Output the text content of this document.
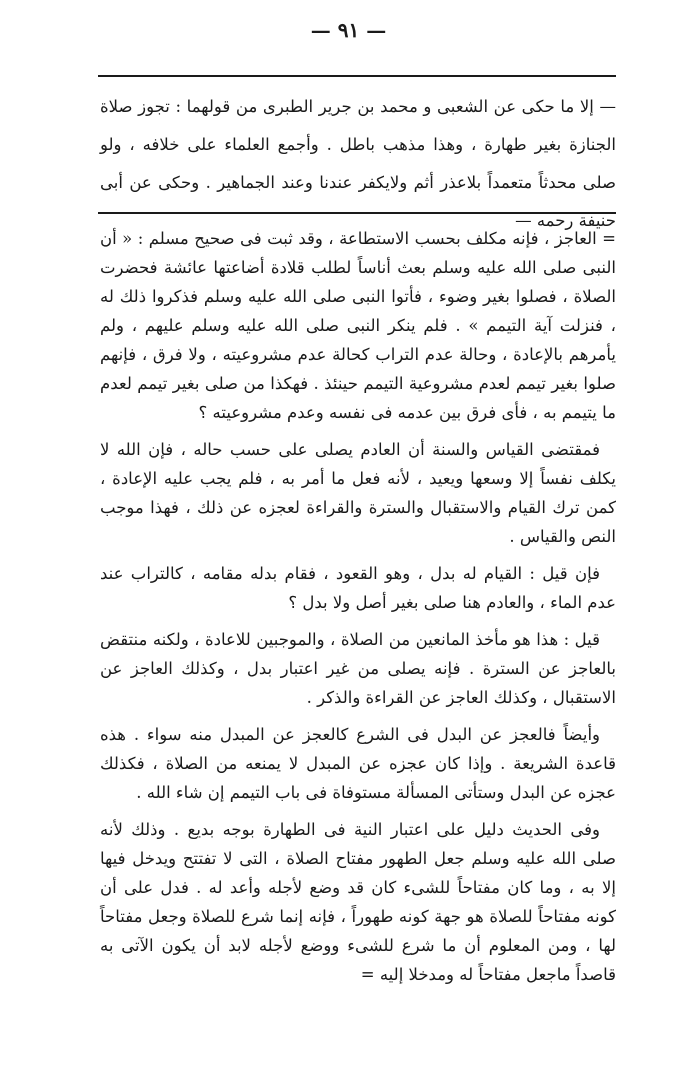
— ٩١ —

— إلا ما حكى عن الشعبى و محمد بن جرير الطبرى من قولهما : تجوز صلاة الجنازة بغير طهارة ، وهذا مذهب باطل . وأجمع العلماء على خلافه ، ولو صلى محدثاً متعمداً بلاعذر أثم ولايكفر عندنا وعند الجماهير . وحكى عن أبى حنيفة رحمه —

= العاجز ، فإنه مكلف بحسب الاستطاعة ، وقد ثبت فى صحيح مسلم : « أن النبى صلى الله عليه وسلم بعث أناساً لطلب قلادة أضاعتها عائشة فحضرت الصلاة ، فصلوا بغير وضوء ، فأتوا النبى صلى الله عليه وسلم فذكروا ذلك له ، فنزلت آية التيمم » . فلم ينكر النبى صلى الله عليه وسلم عليهم ، ولم يأمرهم بالإعادة ، وحالة عدم التراب كحالة عدم مشروعيته ، ولا فرق ، فإنهم صلوا بغير تيمم لعدم مشروعية التيمم حينئذ . فهكذا من صلى بغير تيمم لعدم ما يتيمم به ، فأى فرق بين عدمه فى نفسه وعدم مشروعيته ؟

فمقتضى القياس والسنة أن العادم يصلى على حسب حاله ، فإن الله لا يكلف نفساً إلا وسعها ويعيد ، لأنه فعل ما أمر به ، فلم يجب عليه الإعادة ، كمن ترك القيام والاستقبال والسترة والقراءة لعجزه عن ذلك ، فهذا موجب النص والقياس .

فإن قيل : القيام له بدل ، وهو القعود ، فقام بدله مقامه ، كالتراب عند عدم الماء ، والعادم هنا صلى بغير أصل ولا بدل ؟

قيل : هذا هو مأخذ المانعين من الصلاة ، والموجبين للاعادة ، ولكنه منتقض بالعاجز عن السترة . فإنه يصلى من غير اعتبار بدل ، وكذلك العاجز عن الاستقبال ، وكذلك العاجز عن القراءة والذكر .

وأيضاً فالعجز عن البدل فى الشرع كالعجز عن المبدل منه سواء . هذه قاعدة الشريعة . وإذا كان عجزه عن المبدل لا يمنعه من الصلاة ، فكذلك عجزه عن البدل وستأتى المسألة مستوفاة فى باب التيمم إن شاء الله .

وفى الحديث دليل على اعتبار النية فى الطهارة بوجه بديع . وذلك لأنه صلى الله عليه وسلم جعل الطهور مفتاح الصلاة ، التى لا تفتتح ويدخل فيها إلا به ، وما كان مفتاحاً للشىء كان قد وضع لأجله وأعد له . فدل على أن كونه مفتاحاً للصلاة هو جهة كونه طهوراً ، فإنه إنما شرع للصلاة وجعل مفتاحاً لها ، ومن المعلوم أن ما شرع للشىء ووضع لأجله لابد أن يكون الآتى به قاصداً ماجعل مفتاحاً له ومدخلا إليه =
